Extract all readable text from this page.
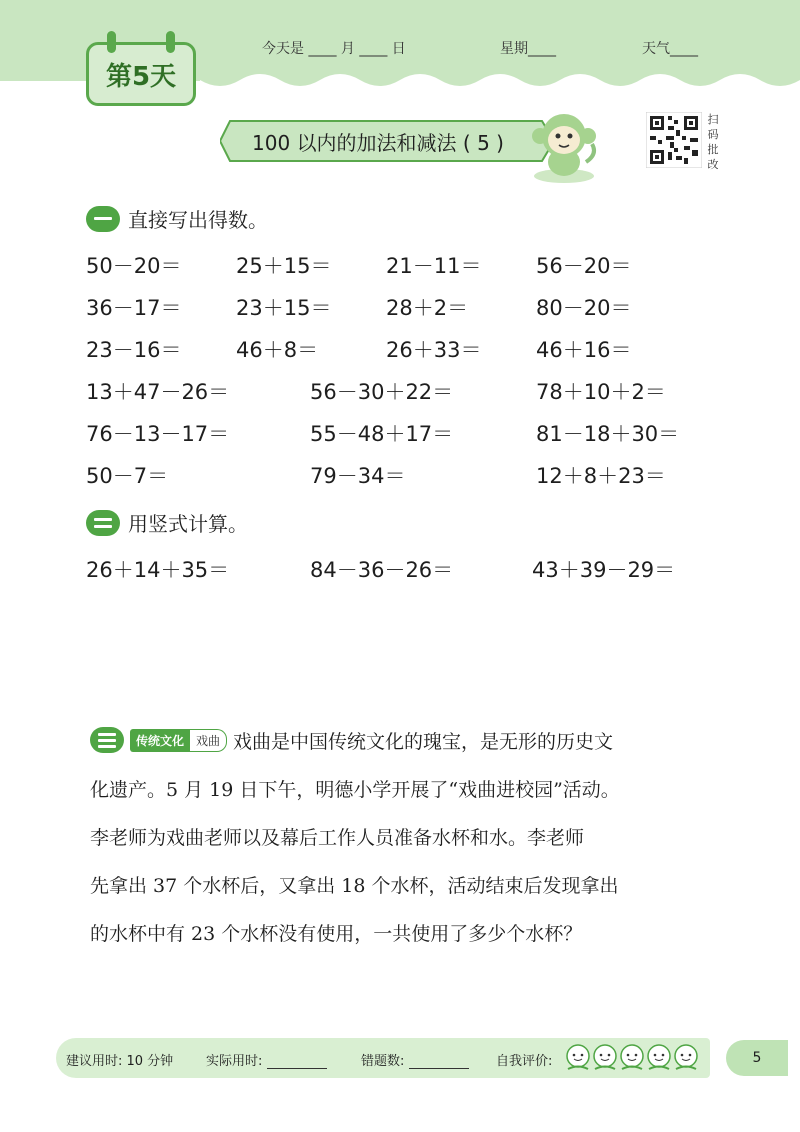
第5天
今天是 ____ 月 ____ 日	星期____	天气____
100 以内的加法和减法 ( 5 )
扫码批改
直接写出得数。
50－20＝	25＋15＝	21－11＝	56－20＝
36－17＝	23＋15＝	28＋2＝	80－20＝
23－16＝	46＋8＝	26＋33＝	46＋16＝
13＋47－26＝	56－30＋22＝	78＋10＋2＝
76－13－17＝	55－48＋17＝	81－18＋30＝
50－7＝	79－34＝	12＋8＋23＝
用竖式计算。
26＋14＋35＝	84－36－26＝	43＋39－29＝
传统文化	戏曲 戏曲是中国传统文化的瑰宝，是无形的历史文
化遗产。5 月 19 日下午，明德小学开展了“戏曲进校园”活动。
李老师为戏曲老师以及幕后工作人员准备水杯和水。李老师
先拿出 37 个水杯后，又拿出 18 个水杯，活动结束后发现拿出
的水杯中有 23 个水杯没有使用，一共使用了多少个水杯？
建议用时: 10 分钟	实际用时:	错题数:	自我评价:	5
